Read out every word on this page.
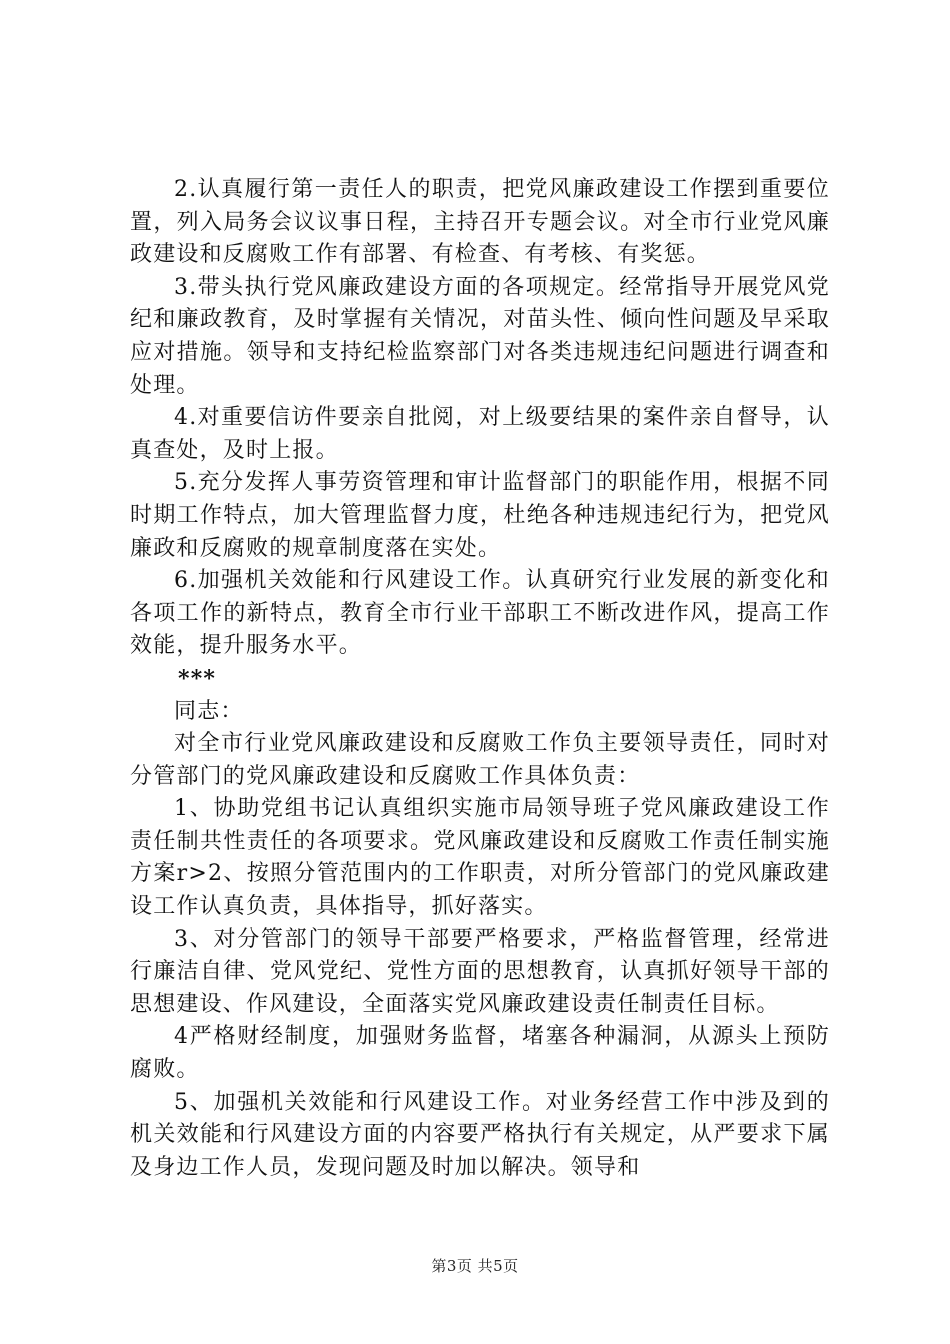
2.认真履行第一责任人的职责，把党风廉政建设工作摆到重要位置，列入局务会议议事日程，主持召开专题会议。对全市行业党风廉政建设和反腐败工作有部署、有检查、有考核、有奖惩。

3.带头执行党风廉政建设方面的各项规定。经常指导开展党风党纪和廉政教育，及时掌握有关情况，对苗头性、倾向性问题及早采取应对措施。领导和支持纪检监察部门对各类违规违纪问题进行调查和处理。

4.对重要信访件要亲自批阅，对上级要结果的案件亲自督导，认真查处，及时上报。

5.充分发挥人事劳资管理和审计监督部门的职能作用，根据不同时期工作特点，加大管理监督力度，杜绝各种违规违纪行为，把党风廉政和反腐败的规章制度落在实处。

6.加强机关效能和行风建设工作。认真研究行业发展的新变化和各项工作的新特点，教育全市行业干部职工不断改进作风，提高工作效能，提升服务水平。

***

同志：

对全市行业党风廉政建设和反腐败工作负主要领导责任，同时对分管部门的党风廉政建设和反腐败工作具体负责：

1、协助党组书记认真组织实施市局领导班子党风廉政建设工作责任制共性责任的各项要求。党风廉政建设和反腐败工作责任制实施方案r>2、按照分管范围内的工作职责，对所分管部门的党风廉政建设工作认真负责，具体指导，抓好落实。

3、对分管部门的领导干部要严格要求，严格监督管理，经常进行廉洁自律、党风党纪、党性方面的思想教育，认真抓好领导干部的思想建设、作风建设，全面落实党风廉政建设责任制责任目标。

4严格财经制度，加强财务监督，堵塞各种漏洞，从源头上预防腐败。

5、加强机关效能和行风建设工作。对业务经营工作中涉及到的机关效能和行风建设方面的内容要严格执行有关规定，从严要求下属及身边工作人员，发现问题及时加以解决。领导和

第3页 共5页
